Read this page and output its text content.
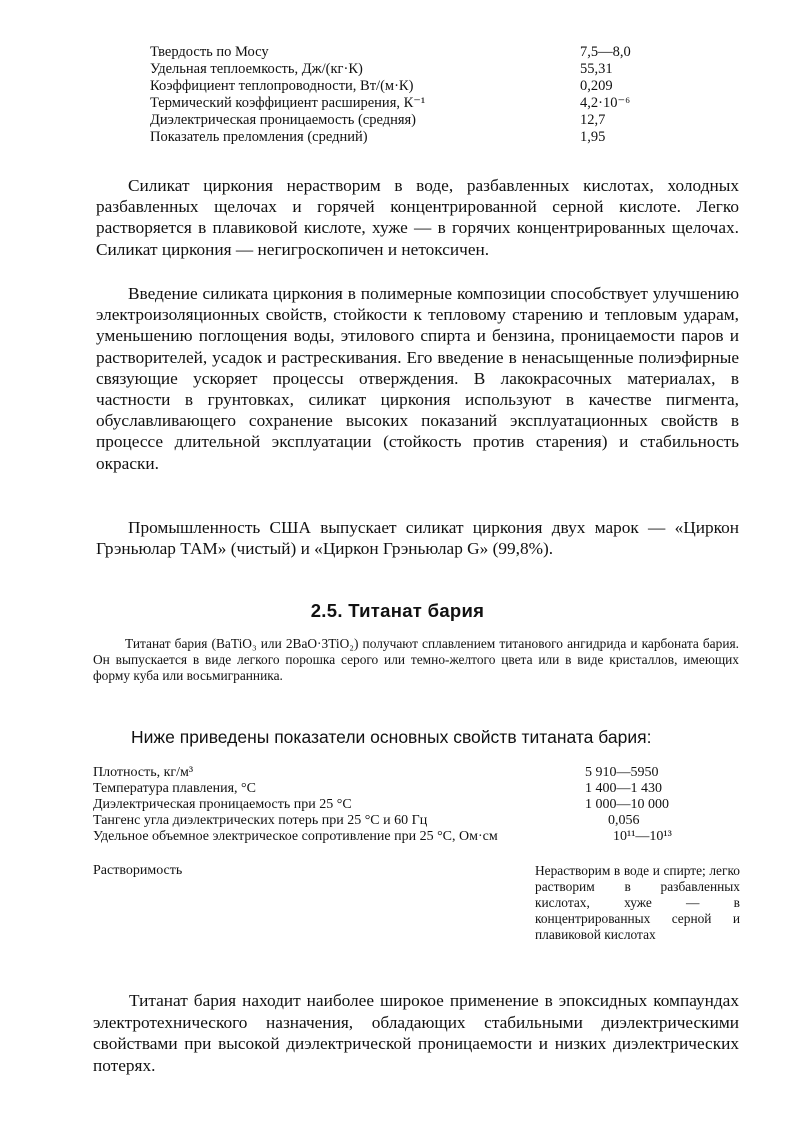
Твердость по Мосу	7,5—8,0
Удельная теплоемкость, Дж/(кг·К)	55,31
Коэффициент теплопроводности, Вт/(м·К)	0,209
Термический коэффициент расширения, К⁻¹	4,2·10⁻⁶
Диэлектрическая проницаемость (средняя)	12,7
Показатель преломления (средний)	1,95

Силикат циркония нерастворим в воде, разбавленных кислотах, холодных разбавленных щелочах и горячей концентрированной серной кислоте. Легко растворяется в плавиковой кислоте, хуже — в горячих концентрированных щелочах. Силикат циркония — негигроскопичен и нетоксичен.

Введение силиката циркония в полимерные композиции способствует улучшению электроизоляционных свойств, стойкости к тепловому старению и тепловым ударам, уменьшению поглощения воды, этилового спирта и бензина, проницаемости паров и растворителей, усадок и растрескивания. Его введение в ненасыщенные полиэфирные связующие ускоряет процессы отверждения. В лакокрасочных материалах, в частности в грунтовках, силикат циркония используют в качестве пигмента, обуславливающего сохранение высоких показаний эксплуатационных свойств в процессе длительной эксплуатации (стойкость против старения) и стабильность окраски.

Промышленность США выпускает силикат циркония двух марок — «Циркон Грэньюлар ТАМ» (чистый) и «Циркон Грэньюлар G» (99,8%).

2.5. Титанат бария

Титанат бария (BaTiO₃ или 2BaO·3TiO₂) получают сплавлением титанового ангидрида и карбоната бария. Он выпускается в виде легкого порошка серого или темно-желтого цвета или в виде кристаллов, имеющих форму куба или восьмигранника.

Ниже приведены показатели основных свойств титаната бария:
Плотность, кг/м³	5 910—5950
Температура плавления, °С	1 400—1 430
Диэлектрическая проницаемость при 25 °С	1 000—10 000
Тангенс угла диэлектрических потерь при 25 °С и 60 Гц	0,056
Удельное объемное электрическое сопротивление при 25 °С, Ом·см	10¹¹—10¹³
Растворимость	Нерастворим в воде и спирте; легко растворим в разбавленных кислотах, хуже — в концентрированных серной и плавиковой кислотах

Титанат бария находит наиболее широкое применение в эпоксидных компаундах электротехнического назначения, обладающих стабильными диэлектрическими свойствами при высокой диэлектрической проницаемости и низких диэлектрических потерях.
